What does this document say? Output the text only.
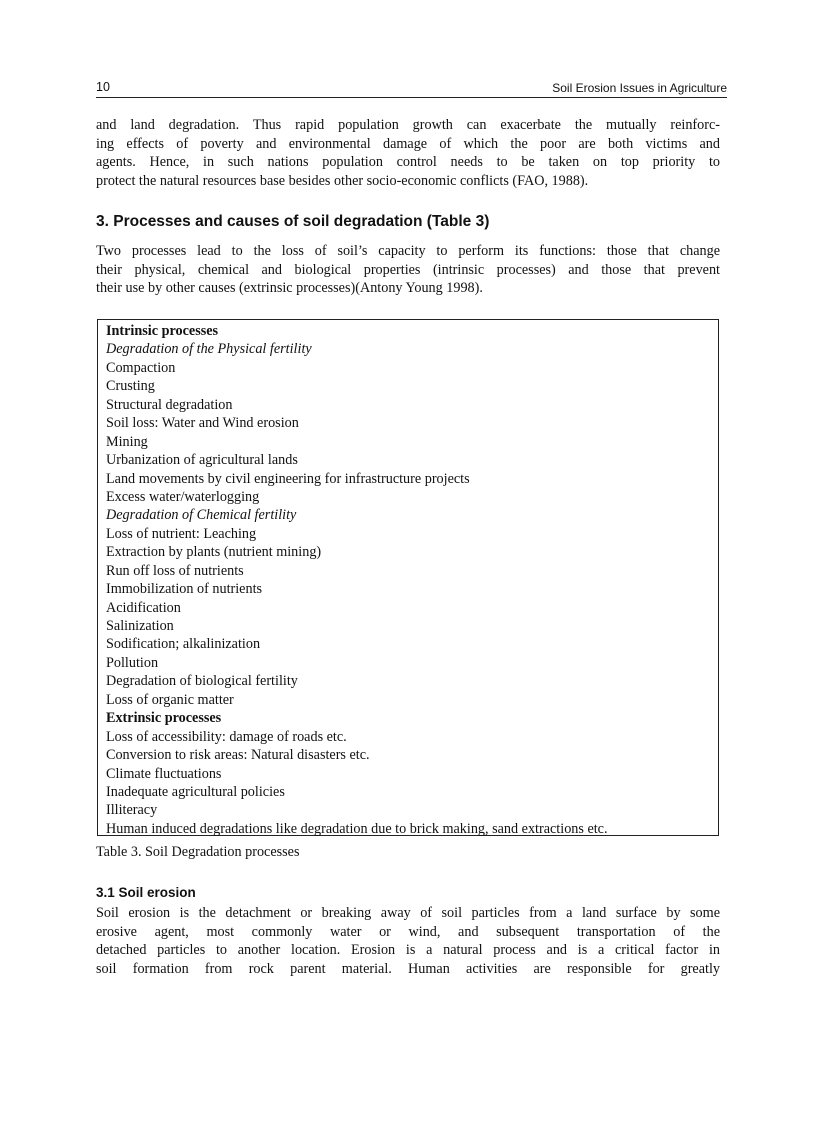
10	Soil Erosion Issues in Agriculture

and land degradation. Thus rapid population growth can exacerbate the mutually reinforc-
ing effects of poverty and environmental damage of which the poor are both victims and
agents. Hence, in such nations population control needs to be taken on top priority to
protect the natural resources base besides other socio-economic conflicts (FAO, 1988).

3. Processes and causes of soil degradation (Table 3)

Two processes lead to the loss of soil’s capacity to perform its functions: those that change
their physical, chemical and biological properties (intrinsic processes) and those that prevent
their use by other causes (extrinsic processes)(Antony Young 1998).

Intrinsic processes
Degradation of the Physical fertility
Compaction
Crusting
Structural degradation
Soil loss: Water and Wind erosion
Mining
Urbanization of agricultural lands
Land movements by civil engineering for infrastructure projects
Excess water/waterlogging
Degradation of Chemical fertility
Loss of nutrient: Leaching
Extraction by plants (nutrient mining)
Run off loss of nutrients
Immobilization of nutrients
Acidification
Salinization
Sodification; alkalinization
Pollution
Degradation of biological fertility
Loss of organic matter
Extrinsic processes
Loss of accessibility: damage of roads etc.
Conversion to risk areas: Natural disasters etc.
Climate fluctuations
Inadequate agricultural policies
Illiteracy
Human induced degradations like degradation due to brick making, sand extractions etc.
Table 3. Soil Degradation processes
3.1 Soil erosion

Soil erosion is the detachment or breaking away of soil particles from a land surface by some
erosive agent, most commonly water or wind, and subsequent transportation of the
detached particles to another location. Erosion is a natural process and is a critical factor in
soil formation from rock parent material. Human activities are responsible for greatly
